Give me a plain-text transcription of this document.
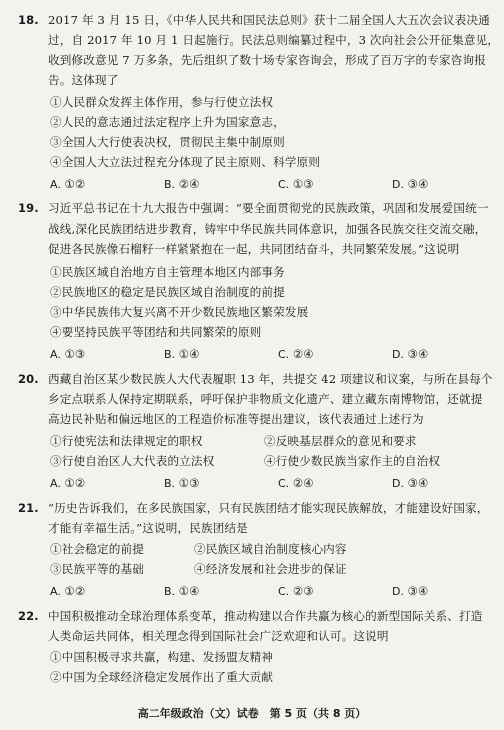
18. 2017 年 3 月 15 日，《中华人民共和国民法总则》获十二届全国人大五次会议表决通
过，自 2017 年 10 月 1 日起施行。民法总则编纂过程中，3 次向社会公开征集意见，
收到修改意见 7 万多条，先后组织了数十场专家咨询会，形成了百万字的专家咨询报
告。这体现了
①人民群众发挥主体作用，参与行使立法权
②人民的意志通过法定程序上升为国家意志，
③全国人大行使表决权，贯彻民主集中制原则
④全国人大立法过程充分体现了民主原则、科学原则
A. ①②	B. ②④	C. ①③	D. ③④
19. 习近平总书记在十九大报告中强调：“要全面贯彻党的民族政策，巩固和发展爱国统一
战线,深化民族团结进步教育，铸牢中华民族共同体意识，加强各民族交往交流交融，
促进各民族像石榴籽一样紧紧抱在一起，共同团结奋斗，共同繁荣发展。”这说明
①民族区域自治地方自主管理本地区内部事务
②民族地区的稳定是民族区域自治制度的前提
③中华民族伟大复兴离不开少数民族地区繁荣发展
④要坚持民族平等团结和共同繁荣的原则
A. ①③	B. ①④	C. ②④	D. ③④
20. 西藏自治区某少数民族人大代表履职 13 年，共提交 42 项建议和议案，与所在县每个
乡定点联系人保持定期联系，呼吁保护非物质文化遗产、建立藏东南博物馆，还就提
高边民补贴和偏远地区的工程造价标准等提出建议，该代表通过上述行为
①行使宪法和法律规定的职权	②反映基层群众的意见和要求
③行使自治区人大代表的立法权	④行使少数民族当家作主的自治权
A. ①②	B. ①③	C. ②④	D. ③④
21. “历史告诉我们，在多民族国家，只有民族团结才能实现民族解放，才能建设好国家，
才能有幸福生活。”这说明，民族团结是
①社会稳定的前提	②民族区域自治制度核心内容
③民族平等的基础	④经济发展和社会进步的保证
A. ①②	B. ①④	C. ②③	D. ③④
22. 中国积极推动全球治理体系变革，推动构建以合作共赢为核心的新型国际关系、打造
人类命运共同体，相关理念得到国际社会广泛欢迎和认可。这说明
①中国积极寻求共赢，构建、发扬盟友精神
②中国为全球经济稳定发展作出了重大贡献
高二年级政治（文）试卷　第 5 页（共 8 页）
